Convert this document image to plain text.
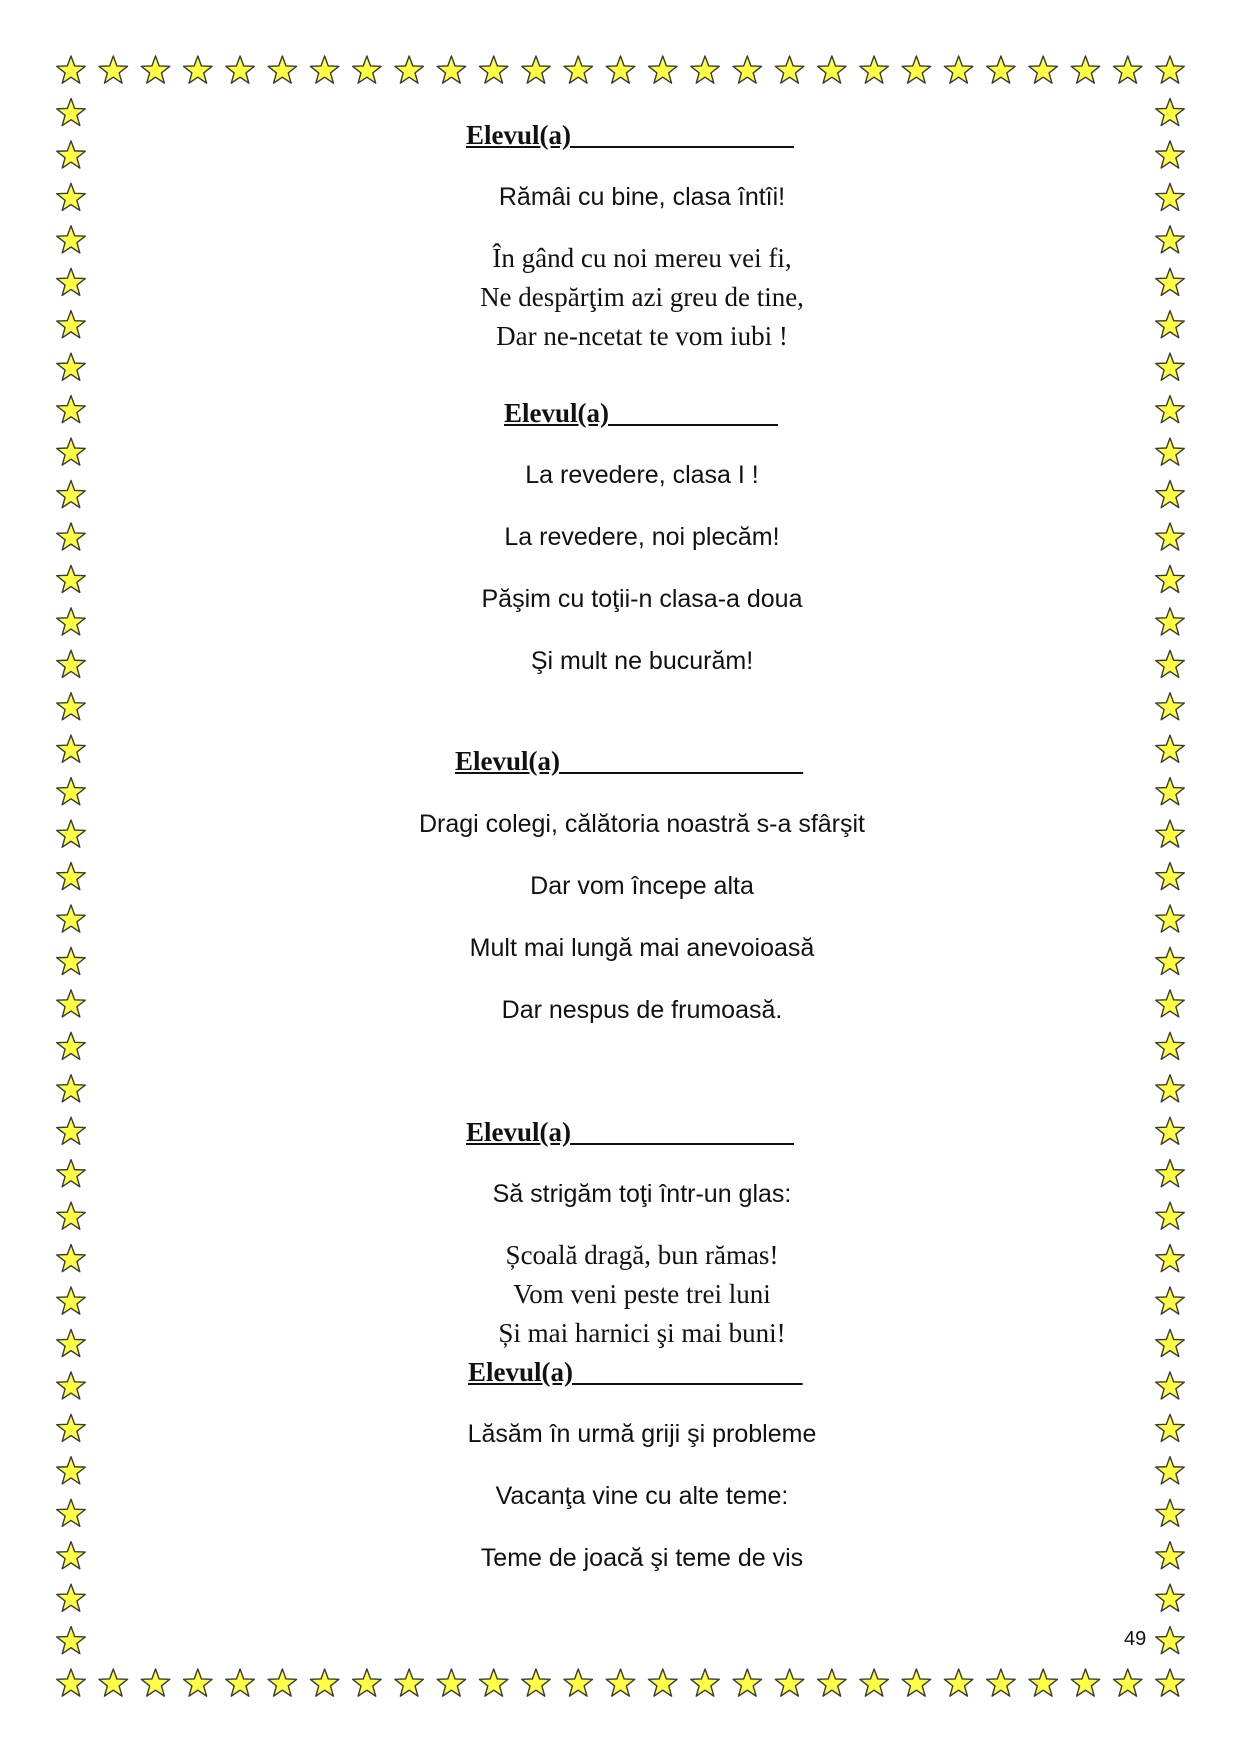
Elevul(a) ________________
Rămâi cu bine, clasa întîi!
În gând cu noi mereu vei fi,
Ne despărţim azi greu de tine,
Dar ne-ncetat te vom iubi !
Elevul(a) ____________
La revedere, clasa I !
La revedere, noi plecăm!
Păşim cu toţii-n clasa-a doua
Şi mult ne bucurăm!
Elevul(a)__________________
Dragi colegi, călătoria noastră s-a sfârşit
Dar vom începe alta
Mult mai lungă mai anevoioasă
Dar nespus de frumoasă.
Elevul(a) ________________
Să strigăm toţi într-un glas:
Școală dragă, bun rămas!
Vom veni peste trei luni
Și mai harnici şi mai buni!
Elevul(a)_________________
Lăsăm în urmă griji şi probleme
Vacanţa vine cu alte teme:
Teme de joacă şi teme de vis
49
